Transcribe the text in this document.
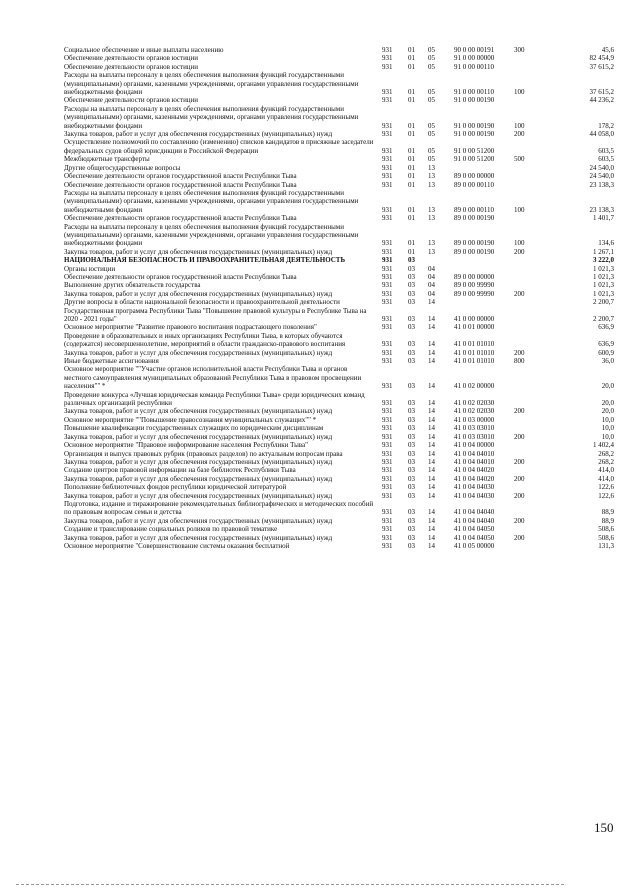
Социальное обеспечение и иные выплаты населению	931 01 05	90 0 00 00191	300	45,6
Обеспечение деятельности органов юстиции	931 01 05	91 0 00 00000	82 454,9
Обеспечение деятельности органов юстиции	931 01 05	91 0 00 00110	37 615,2
Расходы на выплаты персоналу в целях обеспечения выполнения функций государственными (муниципальными) органами, казенными учреждениями, органами управления государственными внебюджетными фондами	931 01 05	91 0 00 00110	100	37 615,2
Обеспечение деятельности органов юстиции	931 01 05	91 0 00 00190	44 236,2
Расходы на выплаты персоналу в целях обеспечения выполнения функций государственными (муниципальными) органами, казенными учреждениями, органами управления государственными внебюджетными фондами	931 01 05	91 0 00 00190	100	178,2
Закупка товаров, работ и услуг для обеспечения государственных (муниципальных) нужд	931 01 05	91 0 00 00190	200	44 058,0
Осуществление полномочий по составлению (изменению) списков кандидатов в присяжные заседатели федеральных судов общей юрисдикции в Российской Федерации	931 01 05	91 0 00 51200	603,5
Межбюджетные трансферты	931 01 05	91 0 00 51200	500	603,5
Другие общегосударственные вопросы	931 01 13	24 540,0
Обеспечение деятельности органов государственной власти Республики Тыва	931 01 13	89 0 00 00000	24 540,0
Обеспечение деятельности органов государственной власти Республики Тыва	931 01 13	89 0 00 00110	23 138,3
Расходы на выплаты персоналу в целях обеспечения выполнения функций государственными (муниципальными) органами, казенными учреждениями, органами управления государственными внебюджетными фондами	931 01 13	89 0 00 00110	100	23 138,3
Обеспечение деятельности органов государственной власти Республики Тыва	931 01 13	89 0 00 00190	1 401,7
Расходы на выплаты персоналу в целях обеспечения выполнения функций государственными (муниципальными) органами, казенными учреждениями, органами управления государственными внебюджетными фондами	931 01 13	89 0 00 00190	100	134,6
Закупка товаров, работ и услуг для обеспечения государственных (муниципальных) нужд	931 01 13	89 0 00 00190	200	1 267,1
НАЦИОНАЛЬНАЯ БЕЗОПАСНОСТЬ И ПРАВООХРАНИТЕЛЬНАЯ ДЕЯТЕЛЬНОСТЬ	931 03	3 222,0
Органы юстиции	931 03 04	1 021,3
Обеспечение деятельности органов государственной власти Республики Тыва	931 03 04	89 0 00 00000	1 021,3
Выполнение других обязательств государства	931 03 04	89 0 00 99990	1 021,3
Закупка товаров, работ и услуг для обеспечения государственных (муниципальных) нужд	931 03 04	89 0 00 99990	200	1 021,3
Другие вопросы в области национальной безопасности и правоохранительной деятельности	931 03 14	2 200,7
Государственная программа Республики Тыва "Повышение правовой культуры в Республике Тыва на 2020 - 2021 годы"	931 03 14	41 0 00 00000	2 200,7
Основное мероприятие "Развитие правового воспитания подрастающего поколения"	931 03 14	41 0 01 00000	636,9
Проведение в образовательных и иных организациях Республики Тыва, в которых обучаются (содержатся) несовершеннолетние, мероприятий в области гражданско-правового воспитания	931 03 14	41 0 01 01010	636,9
Закупка товаров, работ и услуг для обеспечения государственных (муниципальных) нужд	931 03 14	41 0 01 01010	200	600,9
Иные бюджетные ассигнования	931 03 14	41 0 01 01010	800	36,0
Основное мероприятие ""Участие органов исполнительной власти Республики Тыва и органов местного самоуправления муниципальных образований Республики Тыва в правовом просвещении населения"" *	931 03 14	41 0 02 00000	20,0
Проведение конкурса «Лучшая юридическая команда Республики Тыва» среди юридических команд различных организаций республики	931 03 14	41 0 02 02030	20,0
Закупка товаров, работ и услуг для обеспечения государственных (муниципальных) нужд	931 03 14	41 0 02 02030	200	20,0
Основное мероприятие ""Повышение правосознания муниципальных служащих"" *	931 03 14	41 0 03 00000	10,0
Повышение квалификации государственных служащих по юридическим дисциплинам	931 03 14	41 0 03 03010	10,0
Закупка товаров, работ и услуг для обеспечения государственных (муниципальных) нужд	931 03 14	41 0 03 03010	200	10,0
Основное мероприятие "Правовое информирование населения Республики Тыва"	931 03 14	41 0 04 00000	1 402,4
Организация и выпуск правовых рубрик (правовых разделов) по актуальным вопросам права	931 03 14	41 0 04 04010	268,2
Закупка товаров, работ и услуг для обеспечения государственных (муниципальных) нужд	931 03 14	41 0 04 04010	200	268,2
Создание центров правовой информации на базе библиотек Республики Тыва	931 03 14	41 0 04 04020	414,0
Закупка товаров, работ и услуг для обеспечения государственных (муниципальных) нужд	931 03 14	41 0 04 04020	200	414,0
Пополнение библиотечных фондов республики юридической литературой	931 03 14	41 0 04 04030	122,6
Закупка товаров, работ и услуг для обеспечения государственных (муниципальных) нужд	931 03 14	41 0 04 04030	200	122,6
Подготовка, издание и тиражирование рекомендательных библиографических и методических пособий по правовым вопросам семьи и детства	931 03 14	41 0 04 04040	88,9
Закупка товаров, работ и услуг для обеспечения государственных (муниципальных) нужд	931 03 14	41 0 04 04040	200	88,9
Создание и транслирование социальных роликов по правовой тематике	931 03 14	41 0 04 04050	508,6
Закупка товаров, работ и услуг для обеспечения государственных (муниципальных) нужд	931 03 14	41 0 04 04050	200	508,6
Основное мероприятие "Совершенствование системы оказания бесплатной	931 03 14	41 0 05 00000	131,3
150
